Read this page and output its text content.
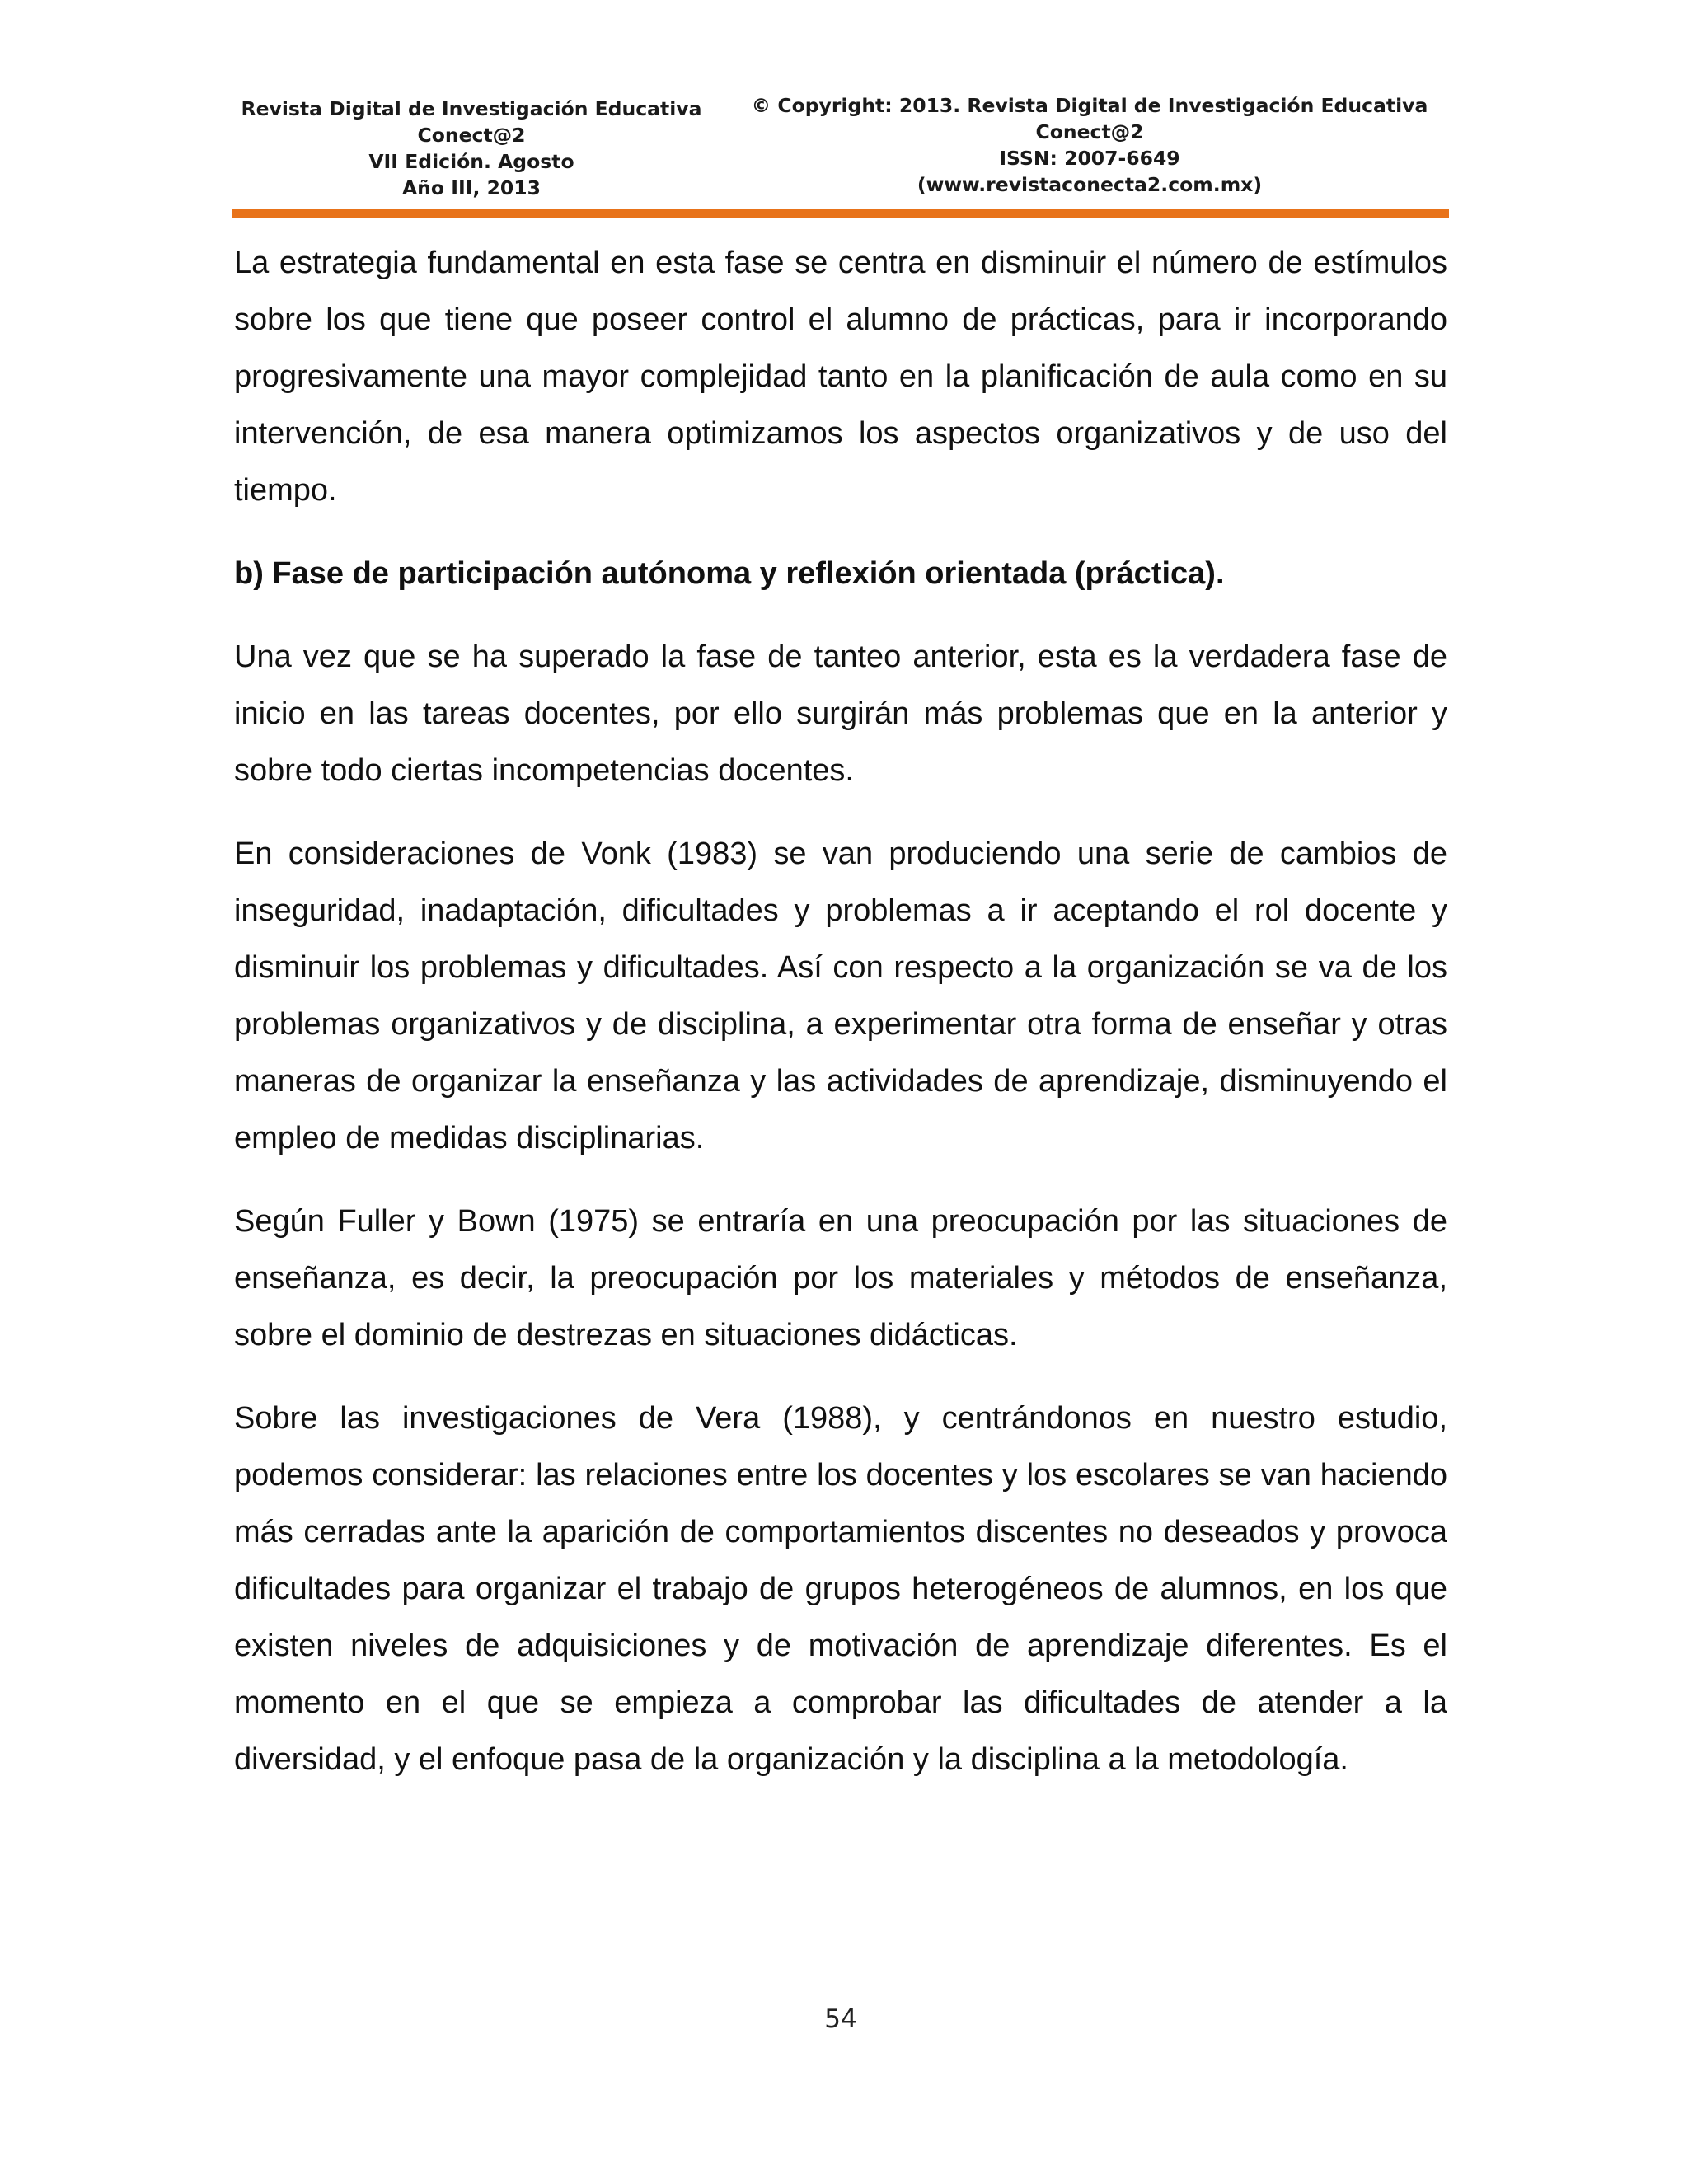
Revista Digital de Investigación Educativa
Conect@2
VII Edición. Agosto
Año III, 2013
© Copyright: 2013. Revista Digital de Investigación Educativa
Conect@2
ISSN: 2007-6649
(www.revistaconecta2.com.mx)

La estrategia fundamental en esta fase se centra en disminuir el número de estímulos sobre los que tiene que poseer control el alumno de prácticas, para ir incorporando progresivamente una mayor complejidad tanto en la planificación de aula como en su intervención, de esa manera optimizamos los aspectos organizativos y de uso del tiempo.

b) Fase de participación autónoma y reflexión orientada (práctica).

Una vez que se ha superado la fase de tanteo anterior, esta es la verdadera fase de inicio en las tareas docentes, por ello surgirán más problemas que en la anterior y sobre todo ciertas incompetencias docentes.

En consideraciones de Vonk (1983) se van produciendo una serie de cambios de inseguridad, inadaptación, dificultades y problemas a ir aceptando el rol docente y disminuir los problemas y dificultades. Así con respecto a la organización se va de los problemas organizativos y de disciplina, a experimentar otra forma de enseñar y otras maneras de organizar la enseñanza y las actividades de aprendizaje, disminuyendo el empleo de medidas disciplinarias.

Según Fuller y Bown (1975) se entraría en una preocupación por las situaciones de enseñanza, es decir, la preocupación por los materiales y métodos de enseñanza, sobre el dominio de destrezas en situaciones didácticas.

Sobre las investigaciones de Vera (1988), y centrándonos en nuestro estudio, podemos considerar: las relaciones entre los docentes y los escolares se van haciendo más cerradas ante la aparición de comportamientos discentes no deseados y provoca dificultades para organizar el trabajo de grupos heterogéneos de alumnos, en los que existen niveles de adquisiciones y de motivación de aprendizaje diferentes. Es el momento en el que se empieza a comprobar las dificultades de atender a la diversidad, y el enfoque pasa de la organización y la disciplina a la metodología.

54
